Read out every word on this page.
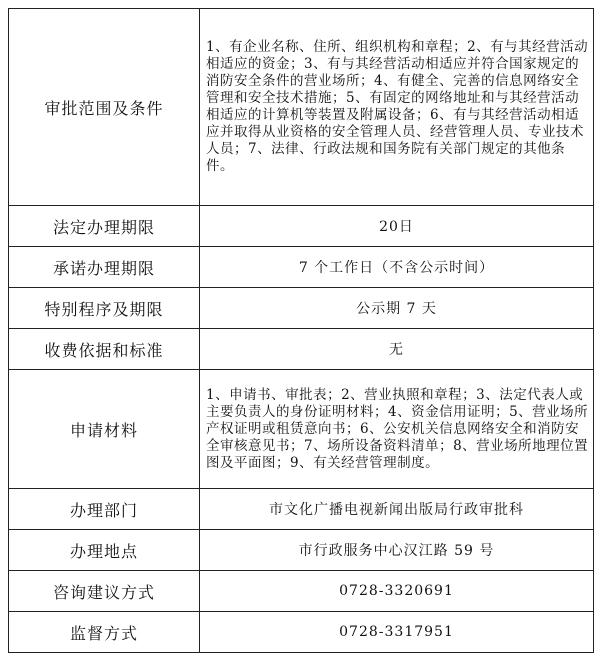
审批范围及条件	1、有企业名称、住所、组织机构和章程；2、有与其经营活动相适应的资金；3、有与其经营活动相适应并符合国家规定的消防安全条件的营业场所；4、有健全、完善的信息网络安全管理和安全技术措施；5、有固定的网络地址和与其经营活动相适应的计算机等装置及附属设备；6、有与其经营活动相适应并取得从业资格的安全管理人员、经营管理人员、专业技术人员；7、法律、行政法规和国务院有关部门规定的其他条件。
法定办理期限	20日
承诺办理期限	7 个工作日（不含公示时间）
特别程序及期限	公示期 7 天
收费依据和标准	无
申请材料	1、申请书、审批表；2、营业执照和章程；3、法定代表人或主要负责人的身份证明材料；4、资金信用证明；5、营业场所产权证明或租赁意向书；6、公安机关信息网络安全和消防安全审核意见书；7、场所设备资料清单；8、营业场所地理位置图及平面图；9、有关经营管理制度。
办理部门	市文化广播电视新闻出版局行政审批科
办理地点	市行政服务中心汉江路 59 号
咨询建议方式	0728-3320691
监督方式	0728-3317951
